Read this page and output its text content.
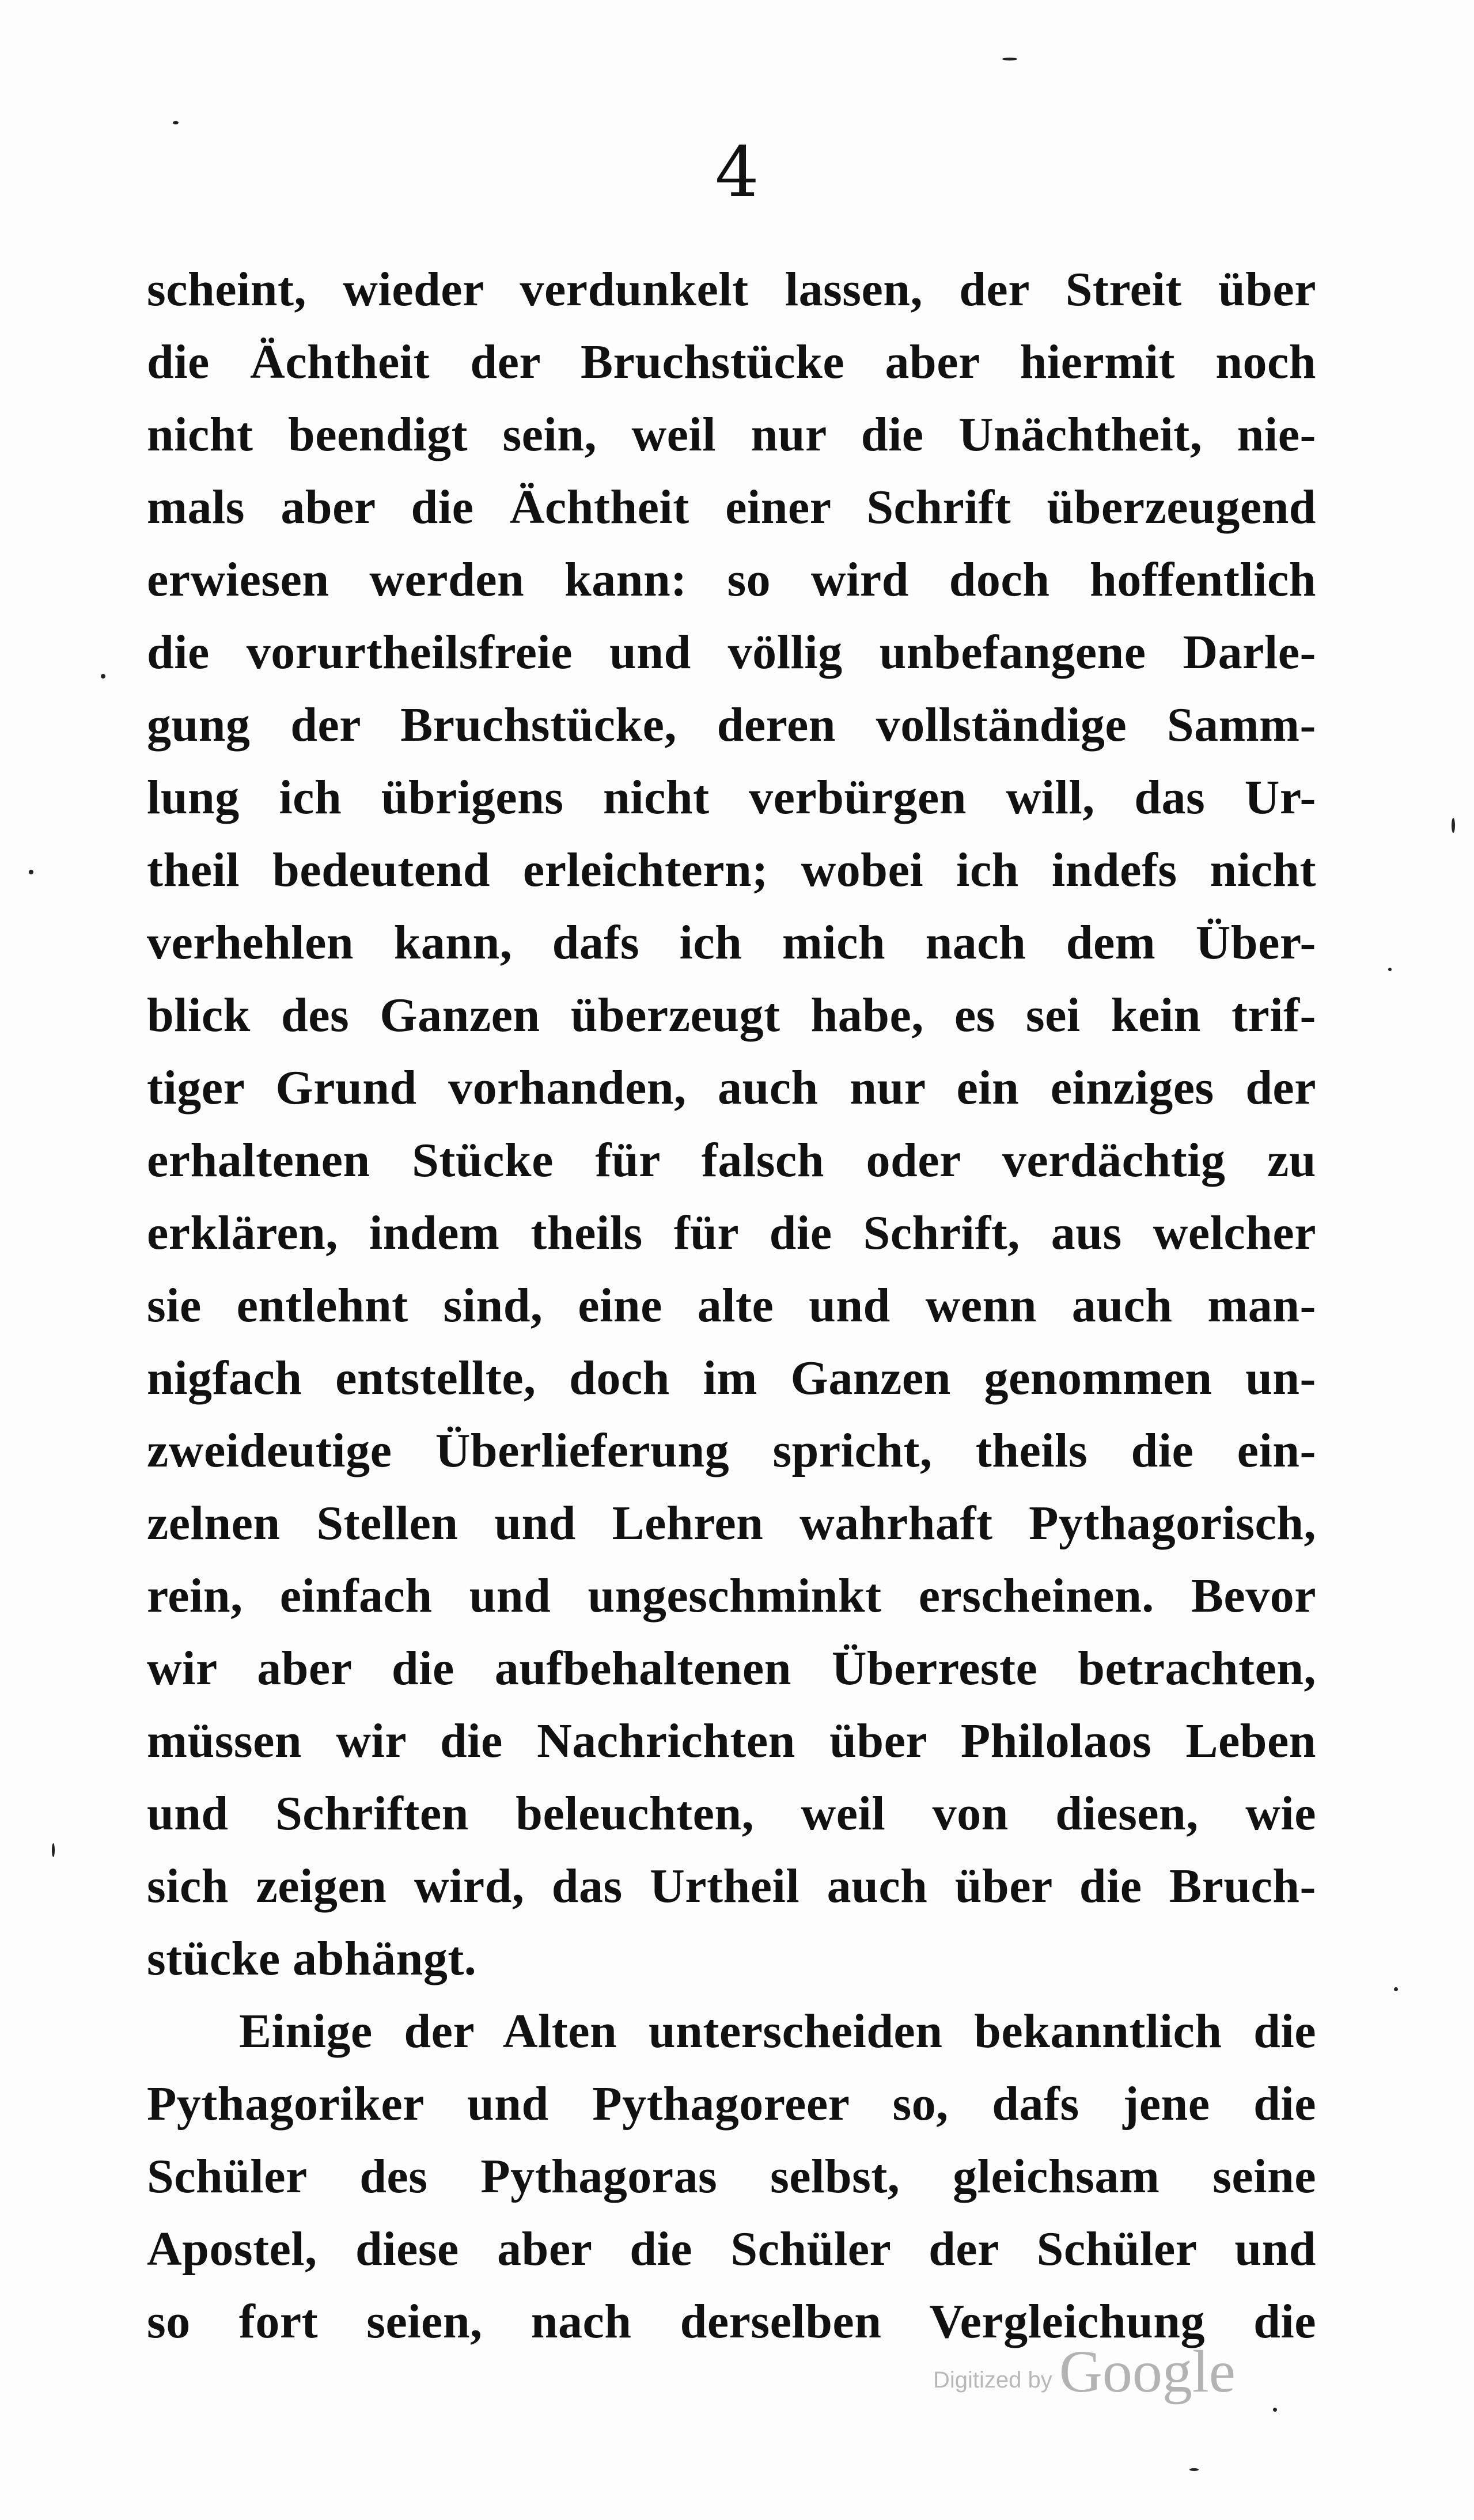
4
scheint, wieder verdunkelt lassen, der Streit über
die Ächtheit der Bruchstücke aber hiermit noch
nicht beendigt sein, weil nur die Unächtheit, nie-
mals aber die Ächtheit einer Schrift überzeugend
erwiesen werden kann: so wird doch hoffentlich
die vorurtheilsfreie und völlig unbefangene Darle-
gung der Bruchstücke, deren vollständige Samm-
lung ich übrigens nicht verbürgen will, das Ur-
theil bedeutend erleichtern; wobei ich indefs nicht
verhehlen kann, dafs ich mich nach dem Über-
blick des Ganzen überzeugt habe, es sei kein trif-
tiger Grund vorhanden, auch nur ein einziges der
erhaltenen Stücke für falsch oder verdächtig zu
erklären, indem theils für die Schrift, aus welcher
sie entlehnt sind, eine alte und wenn auch man-
nigfach entstellte, doch im Ganzen genommen un-
zweideutige Überlieferung spricht, theils die ein-
zelnen Stellen und Lehren wahrhaft Pythagorisch,
rein, einfach und ungeschminkt erscheinen. Bevor
wir aber die aufbehaltenen Überreste betrachten,
müssen wir die Nachrichten über Philolaos Leben
und Schriften beleuchten, weil von diesen, wie
sich zeigen wird, das Urtheil auch über die Bruch-
stücke abhängt.
Einige der Alten unterscheiden bekanntlich die
Pythagoriker und Pythagoreer so, dafs jene die
Schüler des Pythagoras selbst, gleichsam seine
Apostel, diese aber die Schüler der Schüler und
so fort seien, nach derselben Vergleichung die
Digitized by Google
